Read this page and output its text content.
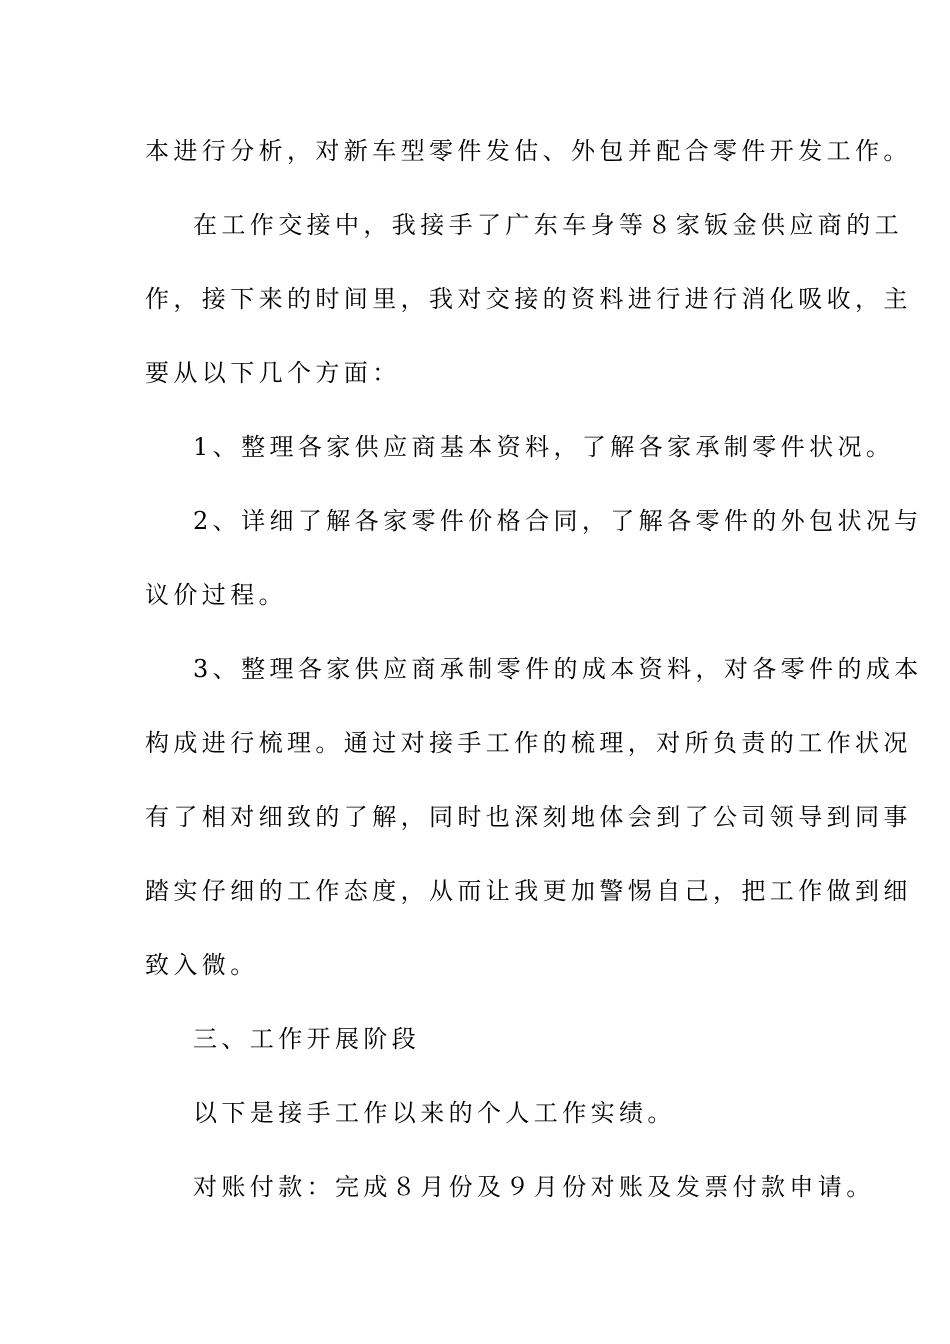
本进行分析，对新车型零件发估、外包并配合零件开发工作。
在工作交接中，我接手了广东车身等８家钣金供应商的工
作，接下来的时间里，我对交接的资料进行进行消化吸收，主
要从以下几个方面：
1、整理各家供应商基本资料，了解各家承制零件状况。
2、详细了解各家零件价格合同，了解各零件的外包状况与
议价过程。
3、整理各家供应商承制零件的成本资料，对各零件的成本
构成进行梳理。通过对接手工作的梳理，对所负责的工作状况
有了相对细致的了解，同时也深刻地体会到了公司领导到同事
踏实仔细的工作态度，从而让我更加警惕自己，把工作做到细
致入微。
三、工作开展阶段
以下是接手工作以来的个人工作实绩。
对账付款：完成８月份及９月份对账及发票付款申请。
